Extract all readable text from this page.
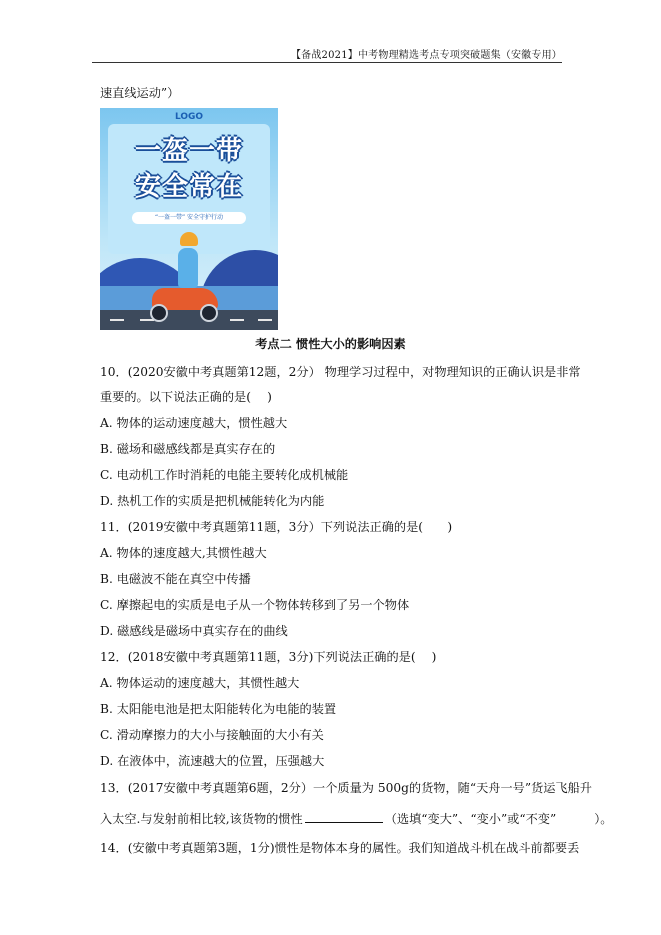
【备战2021】中考物理精选考点专项突破题集（安徽专用）
速直线运动”）
LOGO
一盔一带
安全常在
“一盔一带” 安全守护行动
考点二 惯性大小的影响因素
10．(2020安徽中考真题第12题，2分） 物理学习过程中，对物理知识的正确认识是非常
重要的。以下说法正确的是(　 )
A. 物体的运动速度越大，惯性越大
B. 磁场和磁感线都是真实存在的
C. 电动机工作时消耗的电能主要转化成机械能
D. 热机工作的实质是把机械能转化为内能
11．(2019安徽中考真题第11题，3分）下列说法正确的是(　　)
A. 物体的速度越大,其惯性越大
B. 电磁波不能在真空中传播
C. 摩擦起电的实质是电子从一个物体转移到了另一个物体
D. 磁感线是磁场中真实存在的曲线
12．(2018安徽中考真题第11题，3分)下列说法正确的是(　 )
A. 物体运动的速度越大，其惯性越大
B. 太阳能电池是把太阳能转化为电能的装置
C. 滑动摩擦力的大小与接触面的大小有关
D. 在液体中，流速越大的位置，压强越大
13．(2017安徽中考真题第6题，2分）一个质量为 500g的货物，随“天舟一号”货运飞船升
入太空.与发射前相比较,该货物的惯性	（选填“变大”、“变小”或“不变”	）。
14．(安徽中考真题第3题，1分)惯性是物体本身的属性。我们知道战斗机在战斗前都要丢
